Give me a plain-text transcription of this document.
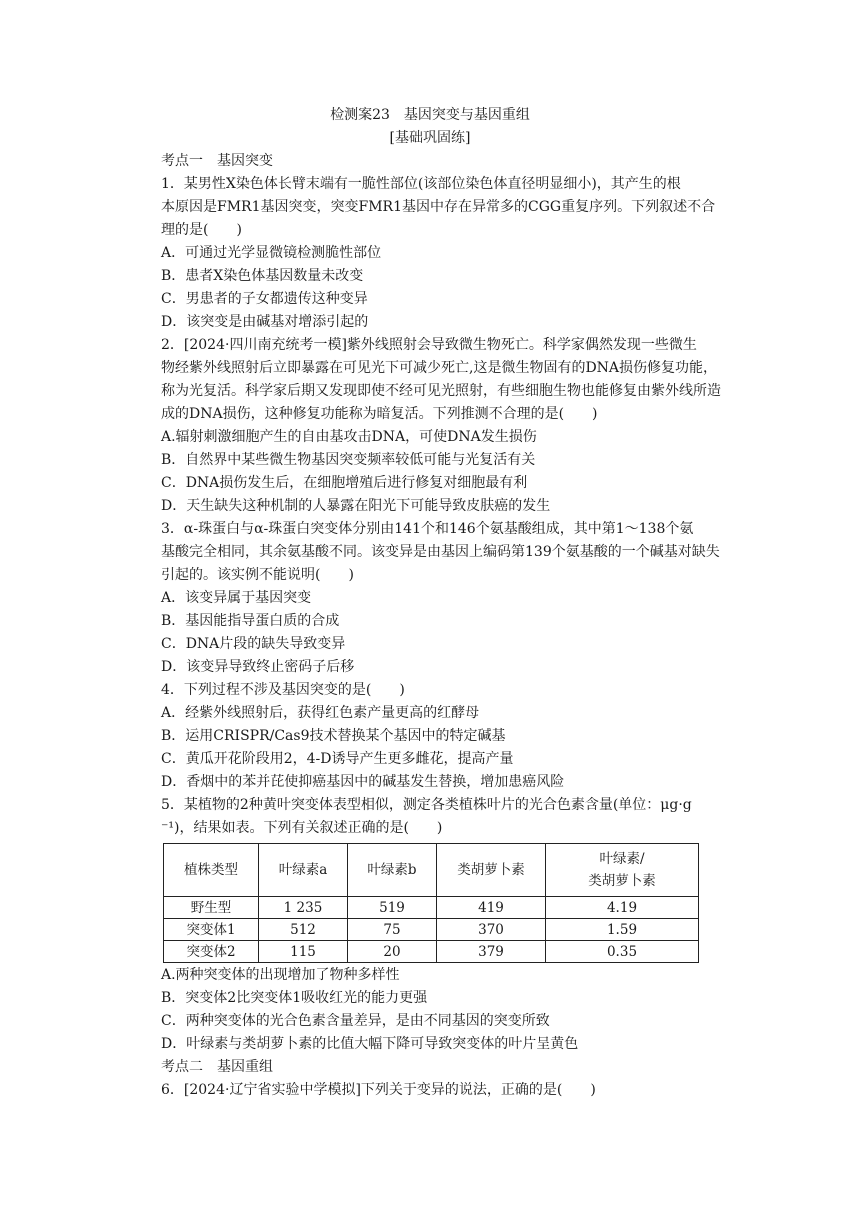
检测案23　基因突变与基因重组
[基础巩固练]
考点一　基因突变
1．某男性X染色体长臂末端有一脆性部位(该部位染色体直径明显细小)，其产生的根
本原因是FMR1基因突变，突变FMR1基因中存在异常多的CGG重复序列。下列叙述不合
理的是(　　)
A．可通过光学显微镜检测脆性部位
B．患者X染色体基因数量未改变
C．男患者的子女都遗传这种变异
D．该突变是由碱基对增添引起的
2．[2024·四川南充统考一模]紫外线照射会导致微生物死亡。科学家偶然发现一些微生
物经紫外线照射后立即暴露在可见光下可减少死亡,这是微生物固有的DNA损伤修复功能，
称为光复活。科学家后期又发现即使不经可见光照射，有些细胞生物也能修复由紫外线所造
成的DNA损伤，这种修复功能称为暗复活。下列推测不合理的是(　　)
A.辐射刺激细胞产生的自由基攻击DNA，可使DNA发生损伤
B．自然界中某些微生物基因突变频率较低可能与光复活有关
C．DNA损伤发生后，在细胞增殖后进行修复对细胞最有利
D．天生缺失这种机制的人暴露在阳光下可能导致皮肤癌的发生
3．α-珠蛋白与α-珠蛋白突变体分别由141个和146个氨基酸组成，其中第1～138个氨
基酸完全相同，其余氨基酸不同。该变异是由基因上编码第139个氨基酸的一个碱基对缺失
引起的。该实例不能说明(　　)
A．该变异属于基因突变
B．基因能指导蛋白质的合成
C．DNA片段的缺失导致变异
D．该变异导致终止密码子后移
4．下列过程不涉及基因突变的是(　　)
A．经紫外线照射后，获得红色素产量更高的红酵母
B．运用CRISPR/Cas9技术替换某个基因中的特定碱基
C．黄瓜开花阶段用2，4-D诱导产生更多雌花，提高产量
D．香烟中的苯并芘使抑癌基因中的碱基发生替换，增加患癌风险
5．某植物的2种黄叶突变体表型相似，测定各类植株叶片的光合色素含量(单位：μg·g
⁻¹)，结果如表。下列有关叙述正确的是(　　)
植株类型	叶绿素a	叶绿素b	类胡萝卜素	叶绿素/
类胡萝卜素

野生型	1 235	519	419	4.19
突变体1	512	75	370	1.59
突变体2	115	20	379	0.35
A.两种突变体的出现增加了物种多样性
B．突变体2比突变体1吸收红光的能力更强
C．两种突变体的光合色素含量差异，是由不同基因的突变所致
D．叶绿素与类胡萝卜素的比值大幅下降可导致突变体的叶片呈黄色
考点二　基因重组
6．[2024·辽宁省实验中学模拟]下列关于变异的说法，正确的是(　　)
